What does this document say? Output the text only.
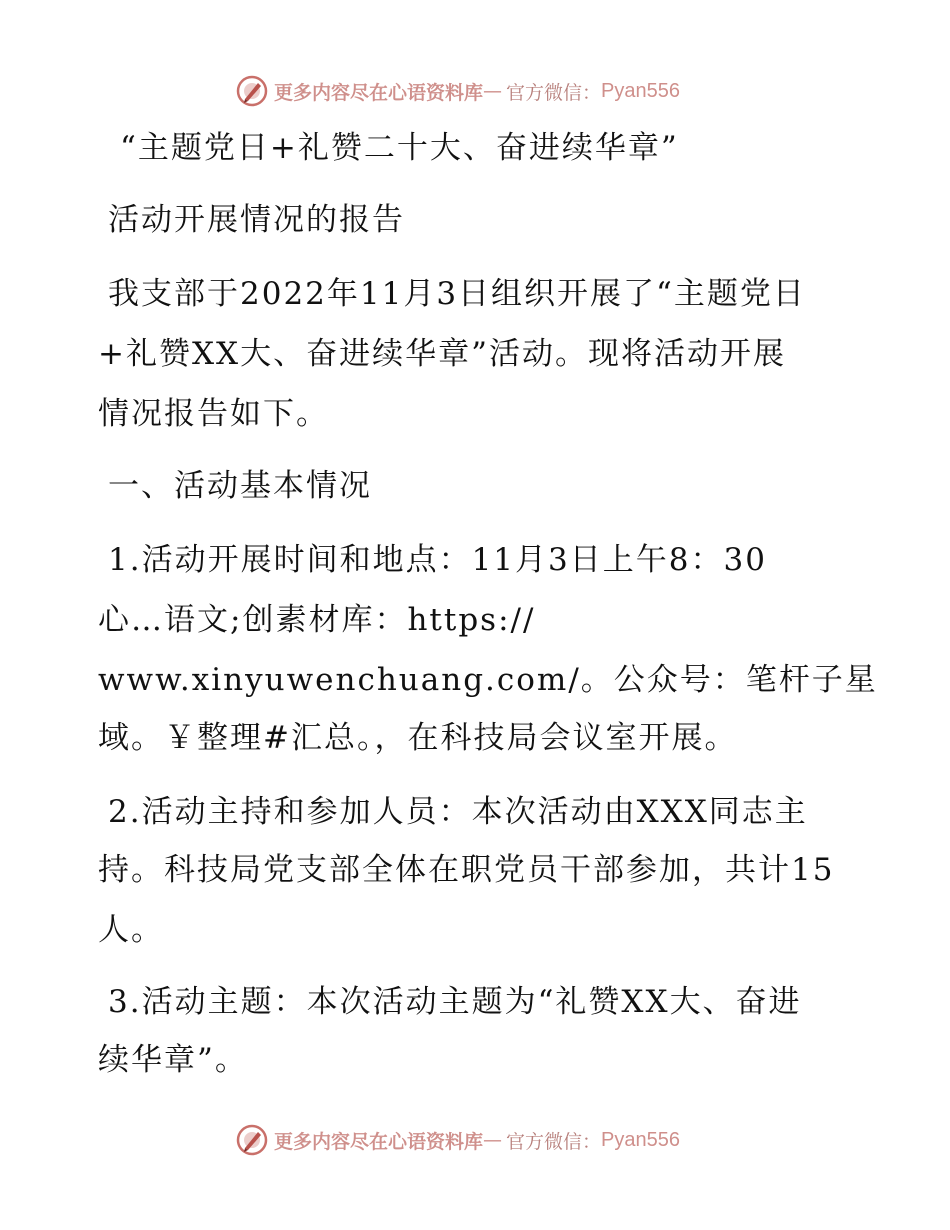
更多内容尽在心语资料库 — 官方微信： Pyan556
“主题党日+礼赞二十大、奋进续华章”
活动开展情况的报告
我支部于2022年11月3日组织开展了“主题党日
+礼赞XX大、奋进续华章”活动。现将活动开展
情况报告如下。
一、活动基本情况
1.活动开展时间和地点：11月3日上午8：30
心…语文;创素材库：https://
www.xinyuwenchuang.com/。公众号：笔杆子星
域。￥整理#汇总。，在科技局会议室开展。
2.活动主持和参加人员：本次活动由XXX同志主
持。科技局党支部全体在职党员干部参加，共计15
人。
3.活动主题：本次活动主题为“礼赞XX大、奋进
续华章”。
更多内容尽在心语资料库 — 官方微信： Pyan556
